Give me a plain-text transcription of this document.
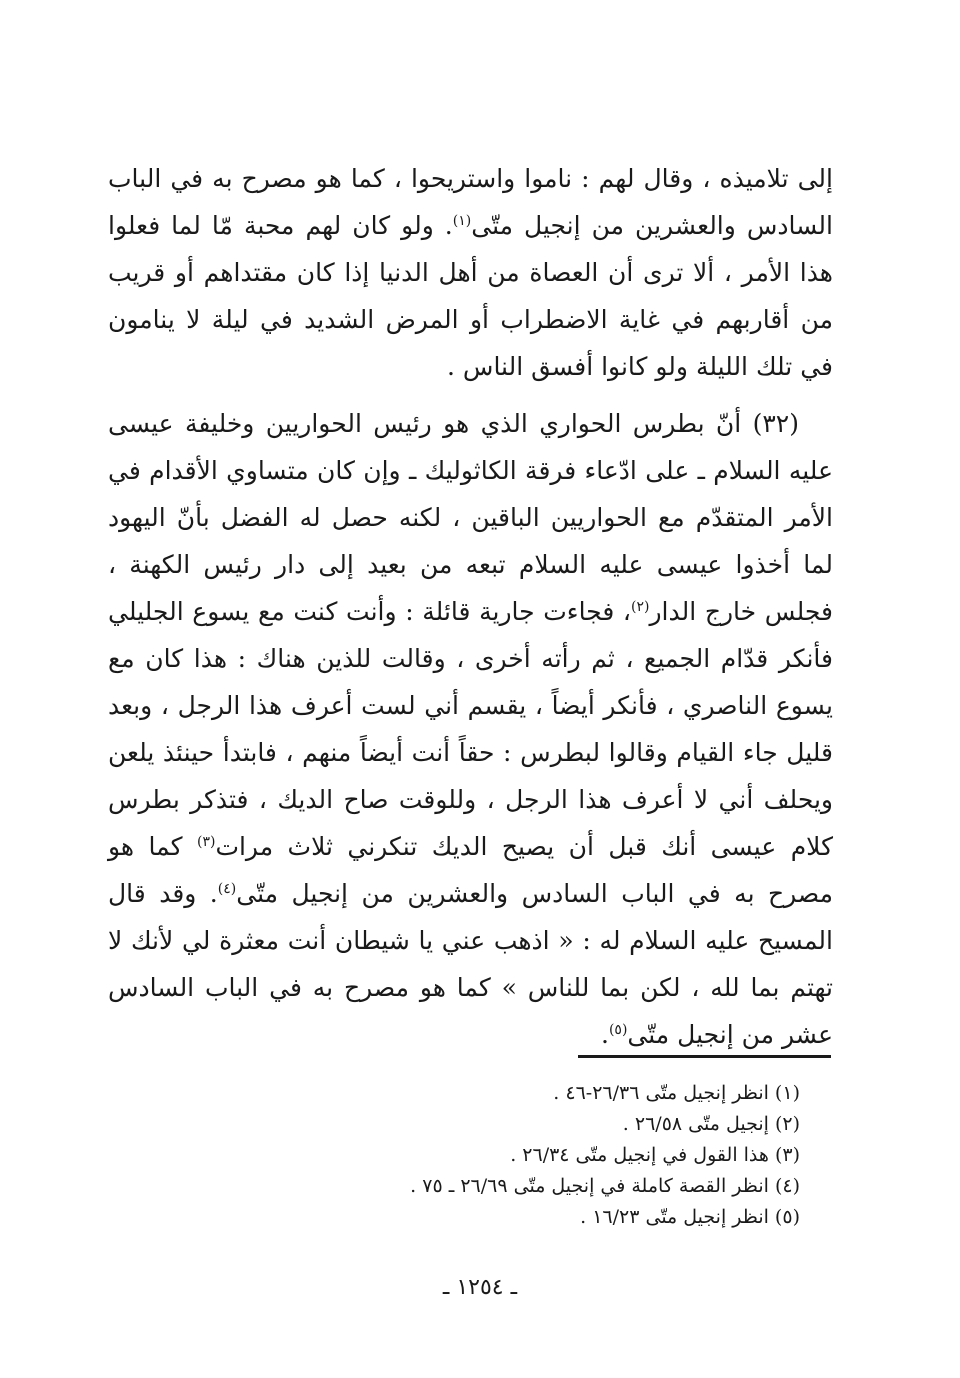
إلى تلاميذه ، وقال لهم : ناموا واستريحوا ، كما هو مصرح به في الباب السادس والعشرين من إنجيل متّى$^{(١)}$. ولو كان لهم محبة مّا لما فعلوا هذا الأمر ، ألا ترى أن العصاة من أهل الدنيا إذا كان مقتداهم أو قريب من أقاربهم في غاية الاضطراب أو المرض الشديد في ليلة لا ينامون في تلك الليلة ولو كانوا أفسق الناس .

(٣٢) أنّ بطرس الحواري الذي هو رئيس الحواريين وخليفة عيسى عليه السلام ـ على ادّعاء فرقة الكاثوليك ـ وإن كان متساوي الأقدام في الأمر المتقدّم مع الحواريين الباقين ، لكنه حصل له الفضل بأنّ اليهود لما أخذوا عيسى عليه السلام تبعه من بعيد إلى دار رئيس الكهنة ، فجلس خارج الدار$^{(٢)}$، فجاءت جارية قائلة : وأنت كنت مع يسوع الجليلي فأنكر قدّام الجميع ، ثم رأته أخرى ، وقالت للذين هناك : هذا كان مع يسوع الناصري ، فأنكر أيضاً ، يقسم أني لست أعرف هذا الرجل ، وبعد قليل جاء القيام وقالوا لبطرس : حقاً أنت أيضاً منهم ، فابتدأ حينئذ يلعن ويحلف أني لا أعرف هذا الرجل ، وللوقت صاح الديك ، فتذكر بطرس كلام عيسى أنك قبل أن يصيح الديك تنكرني ثلاث مرات$^{(٣)}$ كما هو مصرح به في الباب السادس والعشرين من إنجيل متّى$^{(٤)}$. وقد قال المسيح عليه السلام له : « اذهب عني يا شيطان أنت معثرة لي لأنك لا تهتم بما لله ، لكن بما للناس » كما هو مصرح به في الباب السادس عشر من إنجيل متّى$^{(٥)}$.

(١) انظر إنجيل متّى ٢٦/٣٦-٤٦ .
(٢) إنجيل متّى ٢٦/٥٨ .
(٣) هذا القول في إنجيل متّى ٢٦/٣٤ .
(٤) انظر القصة كاملة في إنجيل متّى ٢٦/٦٩ ـ ٧٥ .
(٥) انظر إنجيل متّى ١٦/٢٣ .
ـ ١٢٥٤ ـ
